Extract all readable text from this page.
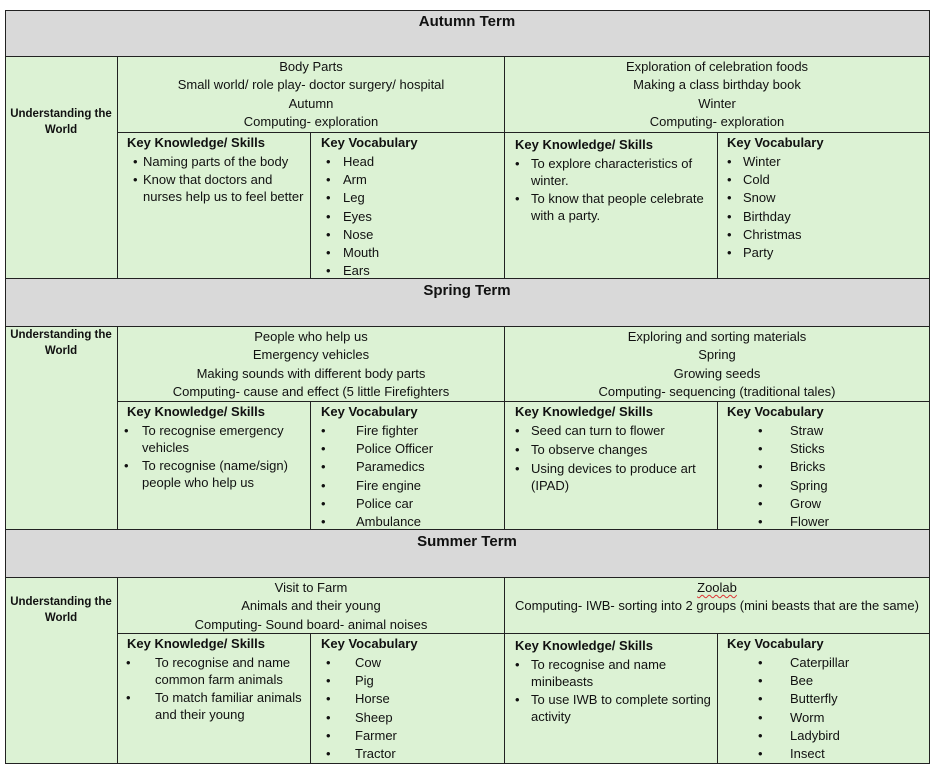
Autumn Term
Understanding the World
Body Parts
Small world/ role play- doctor surgery/ hospital
Autumn
Computing- exploration
Exploration of celebration foods
Making a class birthday book
Winter
Computing- exploration
Key Knowledge/ Skills
• Naming parts of the body
• Know that doctors and nurses help us to feel better
Key Vocabulary
• Head
• Arm
• Leg
• Eyes
• Nose
• Mouth
• Ears
Key Knowledge/ Skills
• To explore characteristics of winter.
• To know that people celebrate with a party.
Key Vocabulary
• Winter
• Cold
• Snow
• Birthday
• Christmas
• Party
Spring Term
Understanding the World
People who help us
Emergency vehicles
Making sounds with different body parts
Computing- cause and effect (5 little Firefighters
Exploring and sorting materials
Spring
Growing seeds
Computing- sequencing (traditional tales)
Key Knowledge/ Skills
• To recognise emergency vehicles
• To recognise (name/sign) people who help us
Key Vocabulary
• Fire fighter
• Police Officer
• Paramedics
• Fire engine
• Police car
• Ambulance
Key Knowledge/ Skills
• Seed can turn to flower
• To observe changes
• Using devices to produce art (IPAD)
Key Vocabulary
• Straw
• Sticks
• Bricks
• Spring
• Grow
• Flower
Summer Term
Understanding the World
Visit to Farm
Animals and their young
Computing- Sound board- animal noises
Zoolab
Computing- IWB- sorting into 2 groups (mini beasts that are the same)
Key Knowledge/ Skills
• To recognise and name common farm animals
• To match familiar animals and their young
Key Vocabulary
• Cow
• Pig
• Horse
• Sheep
• Farmer
• Tractor
Key Knowledge/ Skills
• To recognise and name minibeasts
• To use IWB to complete sorting activity
Key Vocabulary
• Caterpillar
• Bee
• Butterfly
• Worm
• Ladybird
• Insect
